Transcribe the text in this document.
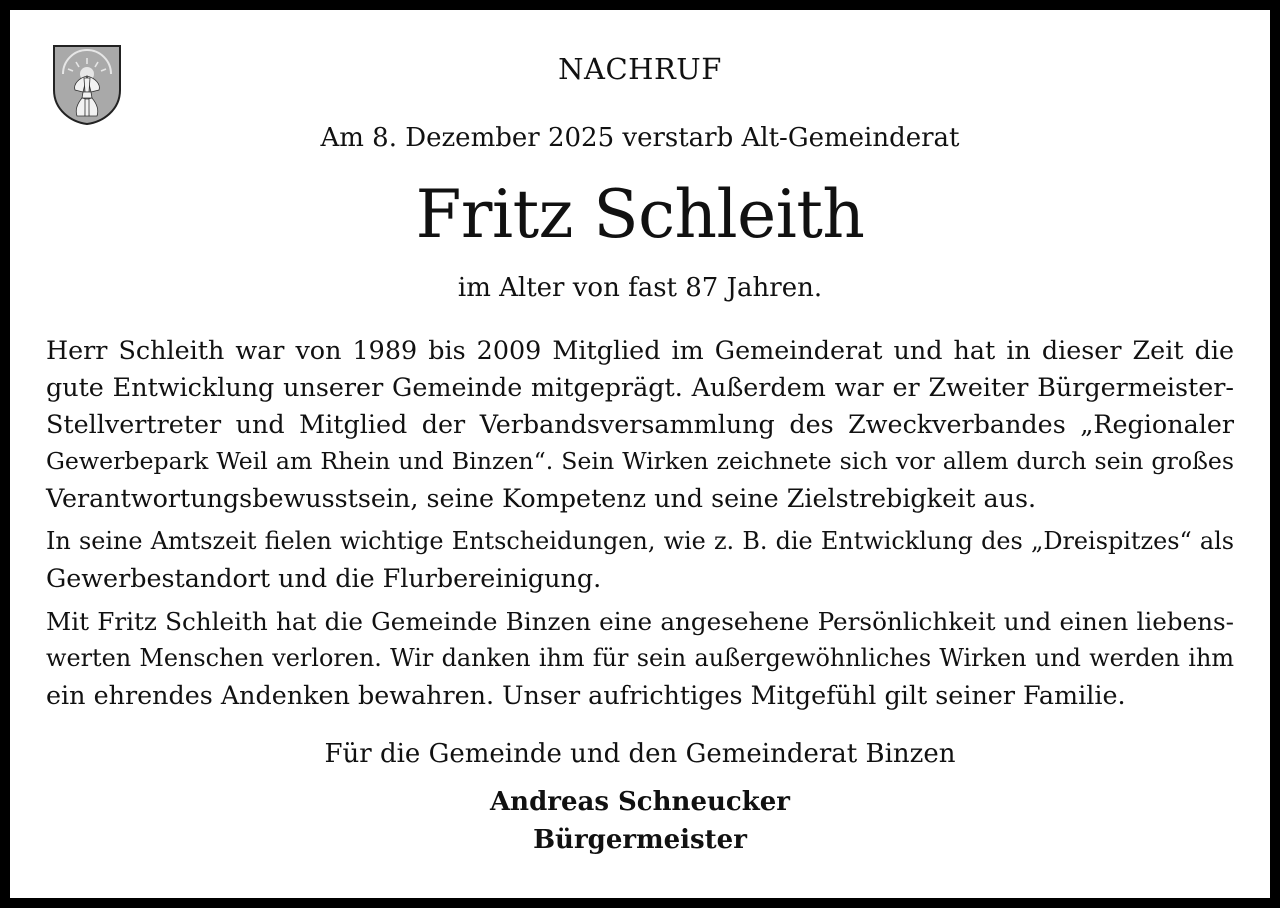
NACHRUF
Am 8. Dezember 2025 verstarb Alt-Gemeinderat
Fritz Schleith
im Alter von fast 87 Jahren.

Herr Schleith war von 1989 bis 2009 Mitglied im Gemeinderat und hat in dieser Zeit die
gute Entwicklung unserer Gemeinde mitgeprägt. Außerdem war er Zweiter Bürgermeister-
Stellvertreter und Mitglied der Verbandsversammlung des Zweckverbandes „Regionaler
Gewerbepark Weil am Rhein und Binzen“. Sein Wirken zeichnete sich vor allem durch sein großes
Verantwortungsbewusstsein, seine Kompetenz und seine Zielstrebigkeit aus.

In seine Amtszeit fielen wichtige Entscheidungen, wie z. B. die Entwicklung des „Dreispitzes“ als
Gewerbestandort und die Flurbereinigung.

Mit Fritz Schleith hat die Gemeinde Binzen eine angesehene Persönlichkeit und einen liebens-
werten Menschen verloren. Wir danken ihm für sein außergewöhnliches Wirken und werden ihm
ein ehrendes Andenken bewahren. Unser aufrichtiges Mitgefühl gilt seiner Familie.

Für die Gemeinde und den Gemeinderat Binzen
Andreas Schneucker
Bürgermeister
